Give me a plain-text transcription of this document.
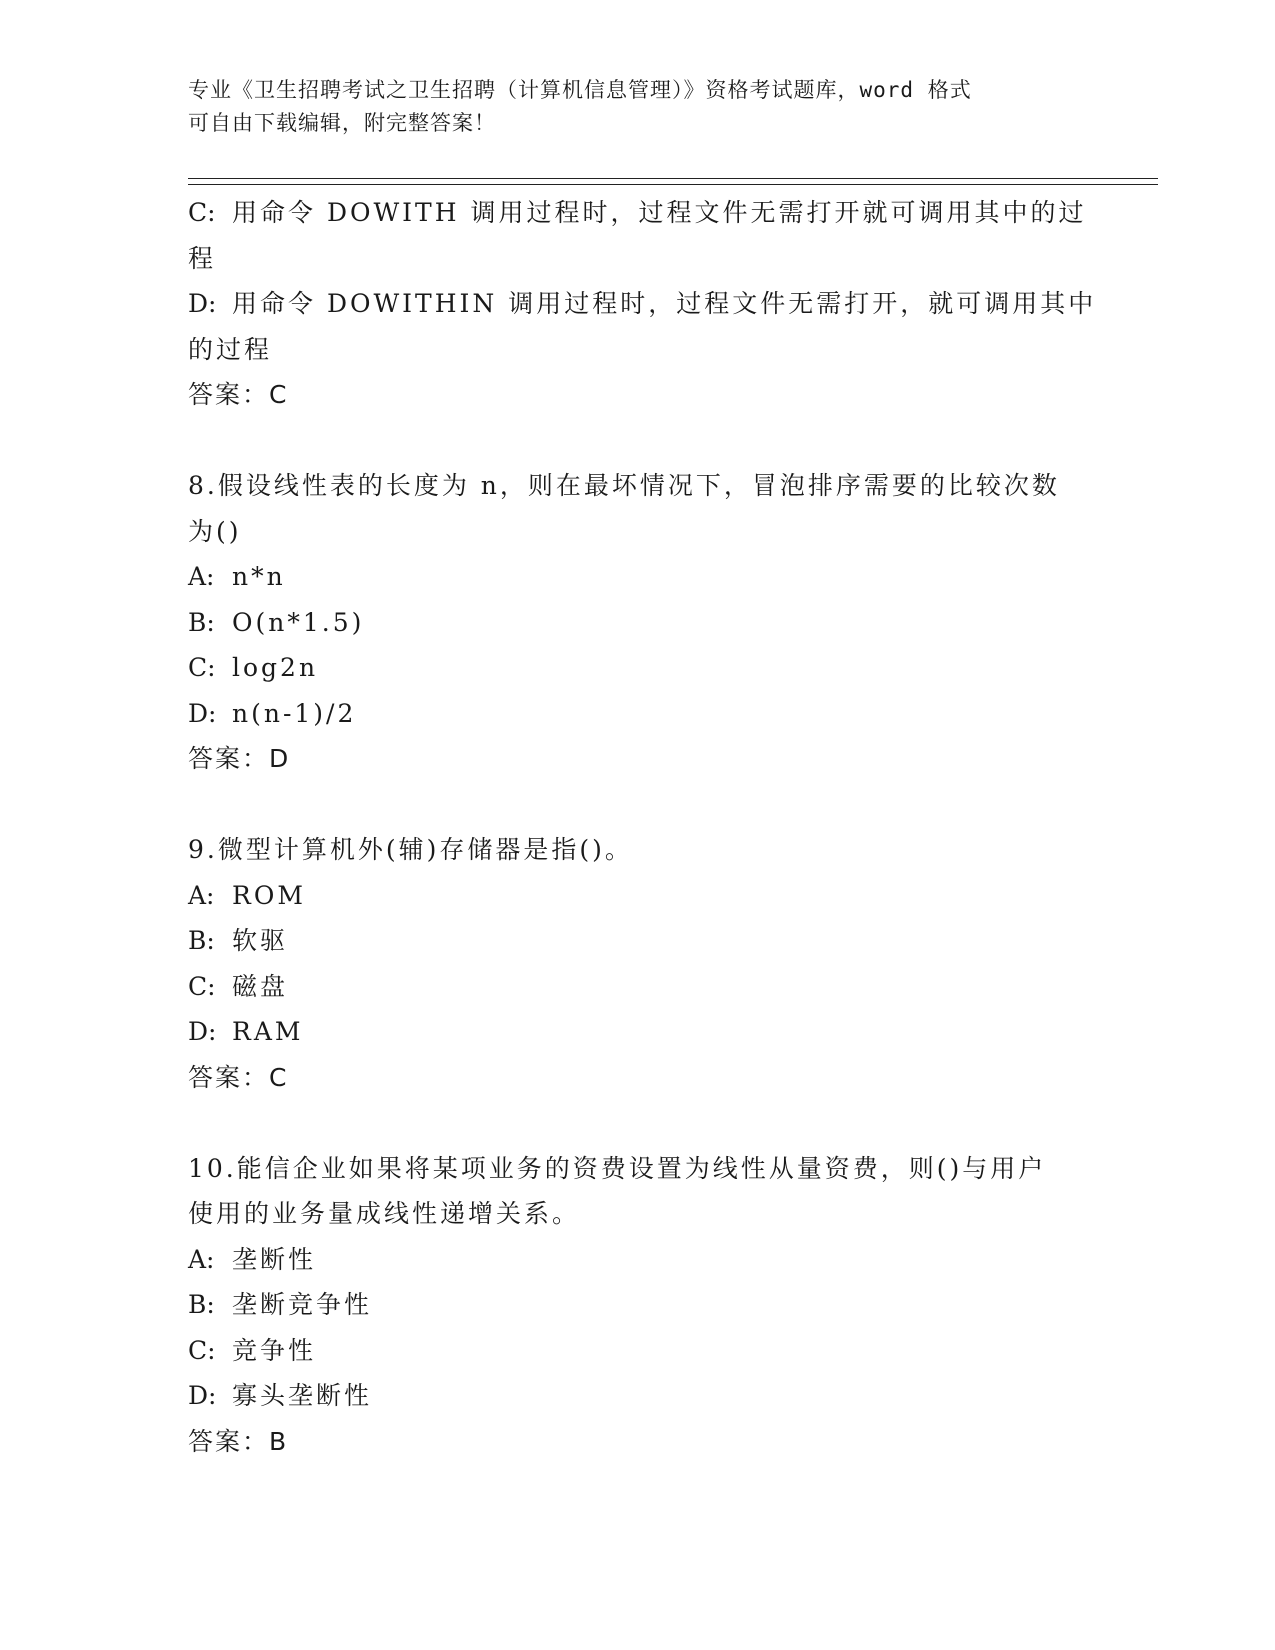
专业《卫生招聘考试之卫生招聘（计算机信息管理）》资格考试题库，word 格式
可自由下载编辑，附完整答案！
C: 用命令 DOWITH 调用过程时，过程文件无需打开就可调用其中的过
程
D: 用命令 DOWITHIN 调用过程时，过程文件无需打开，就可调用其中
的过程
答案：C
8.假设线性表的长度为 n，则在最坏情况下，冒泡排序需要的比较次数
为()
A: n*n
B: O(n*1.5)
C: log2n
D: n(n-1)/2
答案：D
9.微型计算机外(辅)存储器是指()。
A: ROM
B: 软驱
C: 磁盘
D: RAM
答案：C
10.能信企业如果将某项业务的资费设置为线性从量资费，则()与用户
使用的业务量成线性递增关系。
A: 垄断性
B: 垄断竞争性
C: 竞争性
D: 寡头垄断性
答案：B
